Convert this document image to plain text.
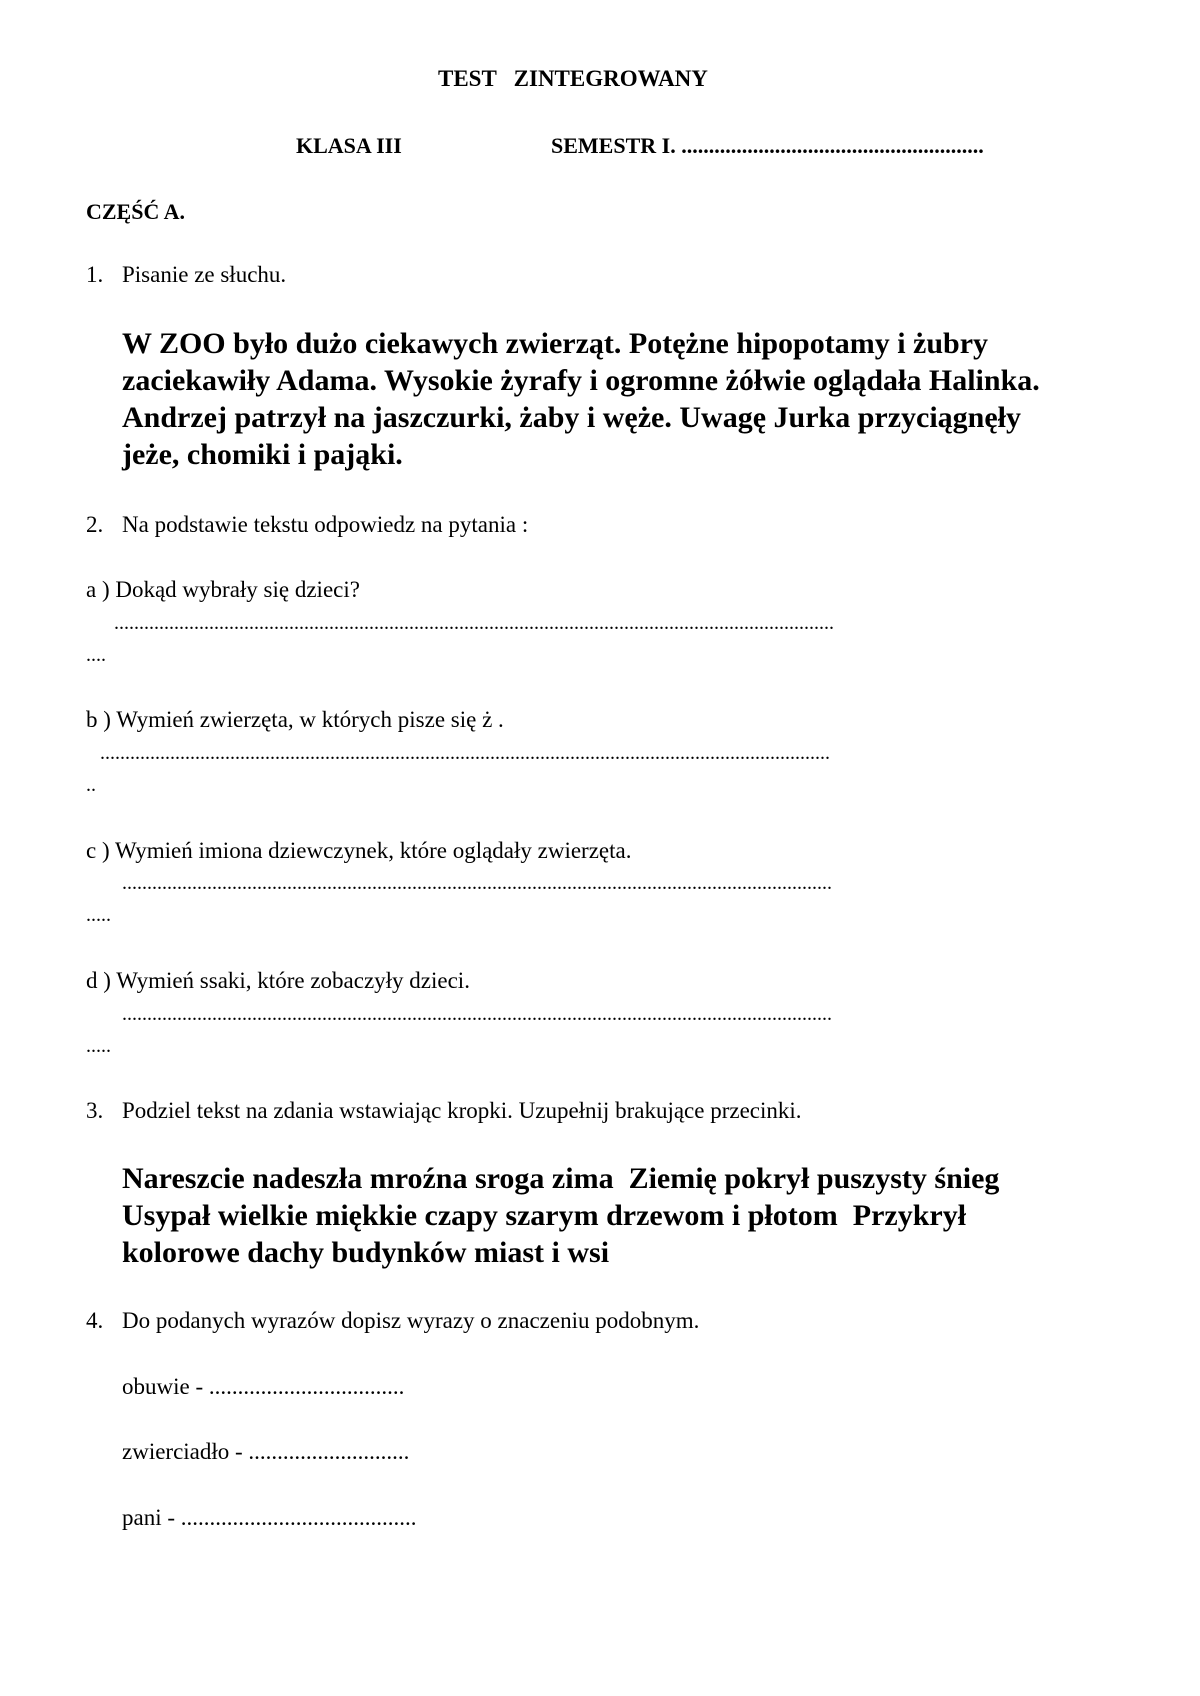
TEST   ZINTEGROWANY
KLASA III	SEMESTR I. .......................................................
CZĘŚĆ A.
1. Pisanie ze słuchu.
W ZOO było dużo ciekawych zwierząt. Potężne hipopotamy i żubry
zaciekawiły Adama. Wysokie żyrafy i ogromne żółwie oglądała Halinka.
Andrzej patrzył na jaszczurki, żaby i węże. Uwagę Jurka przyciągnęły
jeże, chomiki i pająki.
2. Na podstawie tekstu odpowiedz na pytania :
a ) Dokąd wybrały się dzieci?
................................................................................................................................................
....
b ) Wymień zwierzęta, w których pisze się ż .
..................................................................................................................................................
..
c ) Wymień imiona dziewczynek, które oglądały zwierzęta.
..............................................................................................................................................
.....
d ) Wymień ssaki, które zobaczyły dzieci.
..............................................................................................................................................
.....
3. Podziel tekst na zdania wstawiając kropki. Uzupełnij brakujące przecinki.
Nareszcie nadeszła mroźna sroga zima  Ziemię pokrył puszysty śnieg
Usypał wielkie miękkie czapy szarym drzewom i płotom  Przykrył
kolorowe dachy budynków miast i wsi
4. Do podanych wyrazów dopisz wyrazy o znaczeniu podobnym.
obuwie - ..................................
zwierciadło - ............................
pani - .........................................
